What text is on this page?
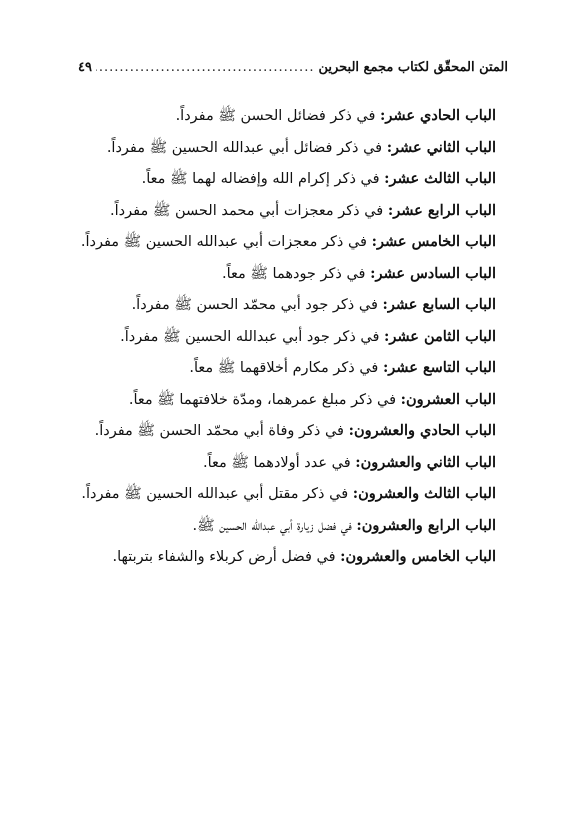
المتن المحقّق لكتاب مجمع البحرين
.....
٤٩
الباب الحادي عشر: في ذكر فضائل الحسن ﷺ مفرداً.
الباب الثاني عشر: في ذكر فضائل أبي عبدالله الحسين ﷺ مفرداً.
الباب الثالث عشر: في ذكر إكرام الله وإفضاله لهما ﷺ معاً.
الباب الرابع عشر: في ذكر معجزات أبي محمد الحسن ﷺ مفرداً.
الباب الخامس عشر: في ذكر معجزات أبي عبدالله الحسين ﷺ مفرداً.
الباب السادس عشر: في ذكر جودهما ﷺ معاً.
الباب السابع عشر: في ذكر جود أبي محمّد الحسن ﷺ مفرداً.
الباب الثامن عشر: في ذكر جود أبي عبدالله الحسين ﷺ مفرداً.
الباب التاسع عشر: في ذكر مكارم أخلاقهما ﷺ معاً.
الباب العشرون: في ذكر مبلغ عمرهما، ومدّة خلافتهما ﷺ معاً.
الباب الحادي والعشرون: في ذكر وفاة أبي محمّد الحسن ﷺ مفرداً.
الباب الثاني والعشرون: في عدد أولادهما ﷺ معاً.
الباب الثالث والعشرون: في ذكر مقتل أبي عبدالله الحسين ﷺ مفرداً.
الباب الرابع والعشرون: في فضل زيارة أبي عبدالله الحسين ﷺ.
الباب الخامس والعشرون: في فضل أرض كربلاء والشفاء بتربتها.
